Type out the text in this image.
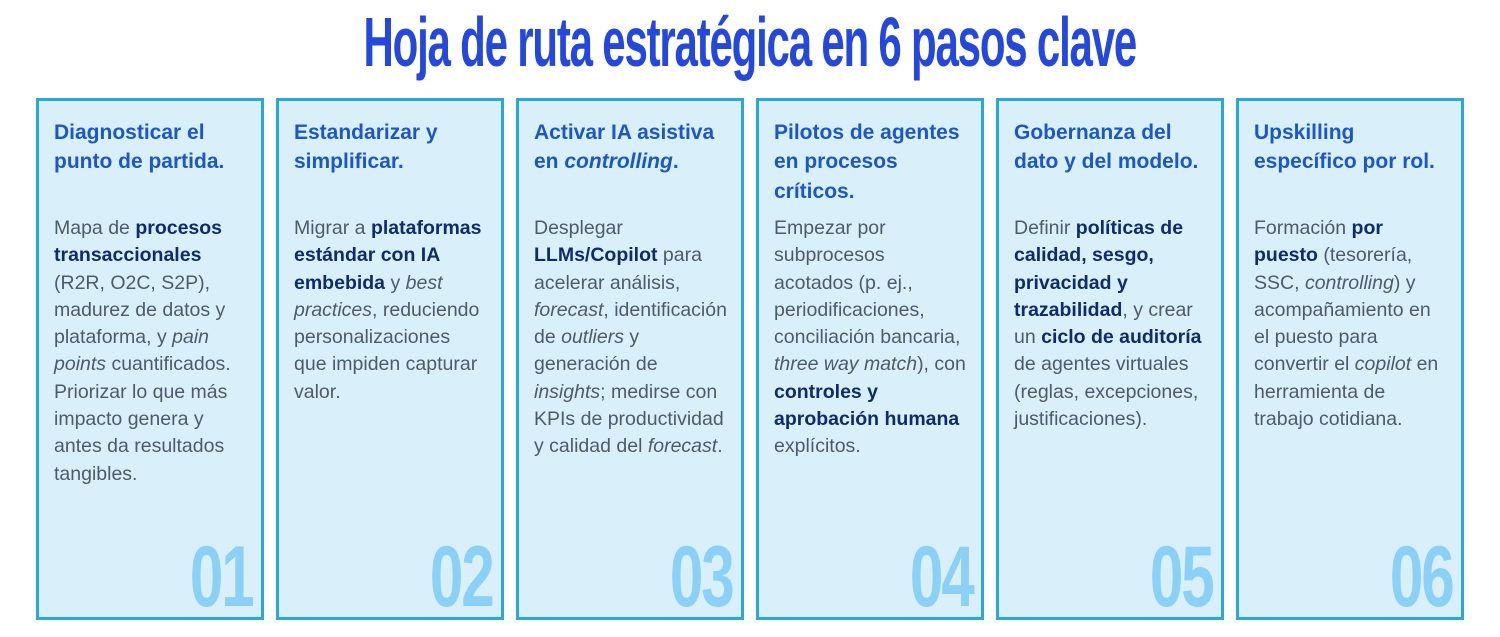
Hoja de ruta estratégica en 6 pasos clave
Diagnosticar el punto de partida.
Mapa de procesos transaccionales (R2R, O2C, S2P), madurez de datos y plataforma, y pain points cuantificados. Priorizar lo que más impacto genera y antes da resultados tangibles.
01
Estandarizar y simplificar.
Migrar a plataformas estándar con IA embebida y best practices, reduciendo personalizaciones que impiden capturar valor.
02
Activar IA asistiva en controlling.
Desplegar LLMs/Copilot para acelerar análisis, forecast, identificación de outliers y generación de insights; medirse con KPIs de productividad y calidad del forecast.
03
Pilotos de agentes en procesos críticos.
Empezar por subprocesos acotados (p. ej., periodificaciones, conciliación bancaria, three way match), con controles y aprobación humana explícitos.
04
Gobernanza del dato y del modelo.
Definir políticas de calidad, sesgo, privacidad y trazabilidad, y crear un ciclo de auditoría de agentes virtuales (reglas, excepciones, justificaciones).
05
Upskilling específico por rol.
Formación por puesto (tesorería, SSC, controlling) y acompañamiento en el puesto para convertir el copilot en herramienta de trabajo cotidiana.
06
